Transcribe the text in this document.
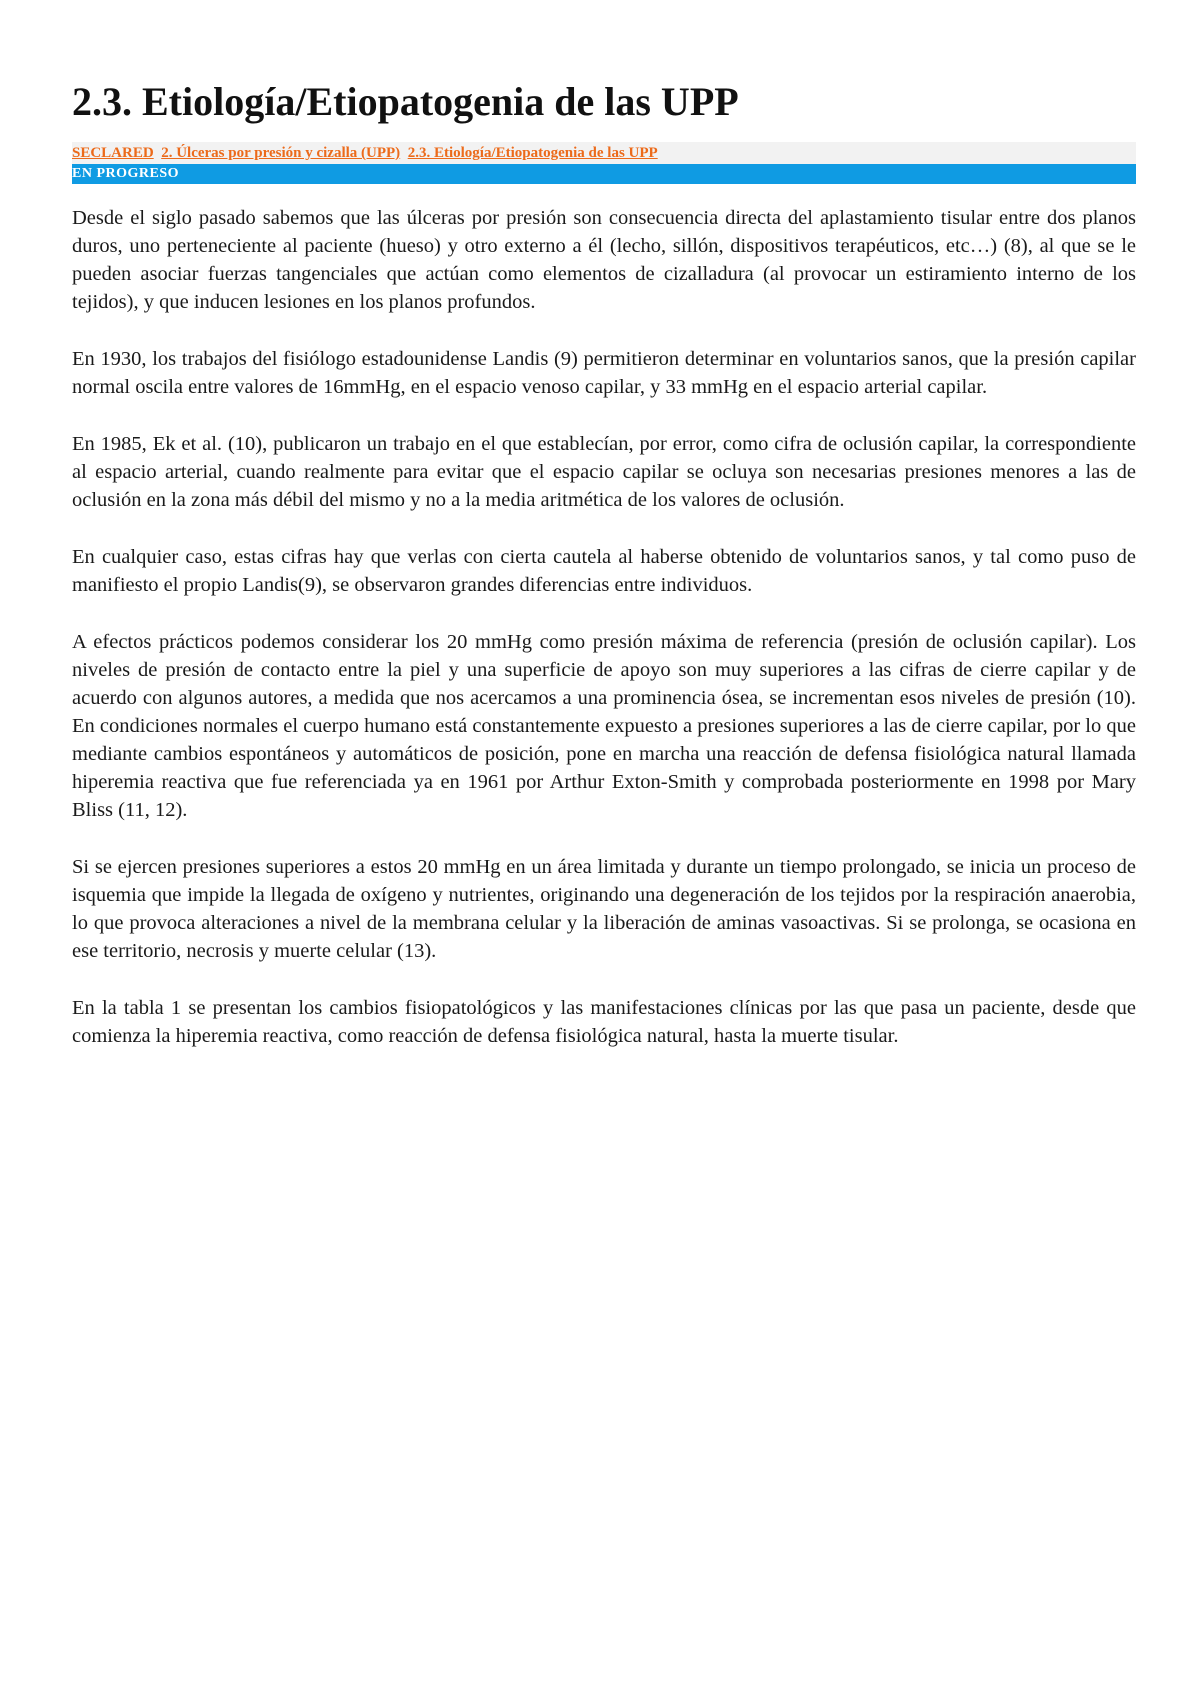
2.3. Etiología/Etiopatogenia de las UPP
SECLARED 2. Úlceras por presión y cizalla (UPP) 2.3. Etiología/Etiopatogenia de las UPP
EN PROGRESO

Desde el siglo pasado sabemos que las úlceras por presión son consecuencia directa del aplastamiento tisular entre dos planos duros, uno perteneciente al paciente (hueso) y otro externo a él (lecho, sillón, dispositivos terapéuticos, etc…) (8), al que se le pueden asociar fuerzas tangenciales que actúan como elementos de cizalladura (al provocar un estiramiento interno de los tejidos), y que inducen lesiones en los planos profundos.

En 1930, los trabajos del fisiólogo estadounidense Landis (9) permitieron determinar en voluntarios sanos, que la presión capilar normal oscila entre valores de 16mmHg, en el espacio venoso capilar, y 33 mmHg en el espacio arterial capilar.

En 1985, Ek et al. (10), publicaron un trabajo en el que establecían, por error, como cifra de oclusión capilar, la correspondiente al espacio arterial, cuando realmente para evitar que el espacio capilar se ocluya son necesarias presiones menores a las de oclusión en la zona más débil del mismo y no a la media aritmética de los valores de oclusión.

En cualquier caso, estas cifras hay que verlas con cierta cautela al haberse obtenido de voluntarios sanos, y tal como puso de manifiesto el propio Landis(9), se observaron grandes diferencias entre individuos.

A efectos prácticos podemos considerar los 20 mmHg como presión máxima de referencia (presión de oclusión capilar). Los niveles de presión de contacto entre la piel y una superficie de apoyo son muy superiores a las cifras de cierre capilar y de acuerdo con algunos autores, a medida que nos acercamos a una prominencia ósea, se incrementan esos niveles de presión (10). En condiciones normales el cuerpo humano está constantemente expuesto a presiones superiores a las de cierre capilar, por lo que mediante cambios espontáneos y automáticos de posición, pone en marcha una reacción de defensa fisiológica natural llamada hiperemia reactiva que fue referenciada ya en 1961 por Arthur Exton-Smith y comprobada posteriormente en 1998 por Mary Bliss (11, 12).

Si se ejercen presiones superiores a estos 20 mmHg en un área limitada y durante un tiempo prolongado, se inicia un proceso de isquemia que impide la llegada de oxígeno y nutrientes, originando una degeneración de los tejidos por la respiración anaerobia, lo que provoca alteraciones a nivel de la membrana celular y la liberación de aminas vasoactivas. Si se prolonga, se ocasiona en ese territorio, necrosis y muerte celular (13).

En la tabla 1 se presentan los cambios fisiopatológicos y las manifestaciones clínicas por las que pasa un paciente, desde que comienza la hiperemia reactiva, como reacción de defensa fisiológica natural, hasta la muerte tisular.
